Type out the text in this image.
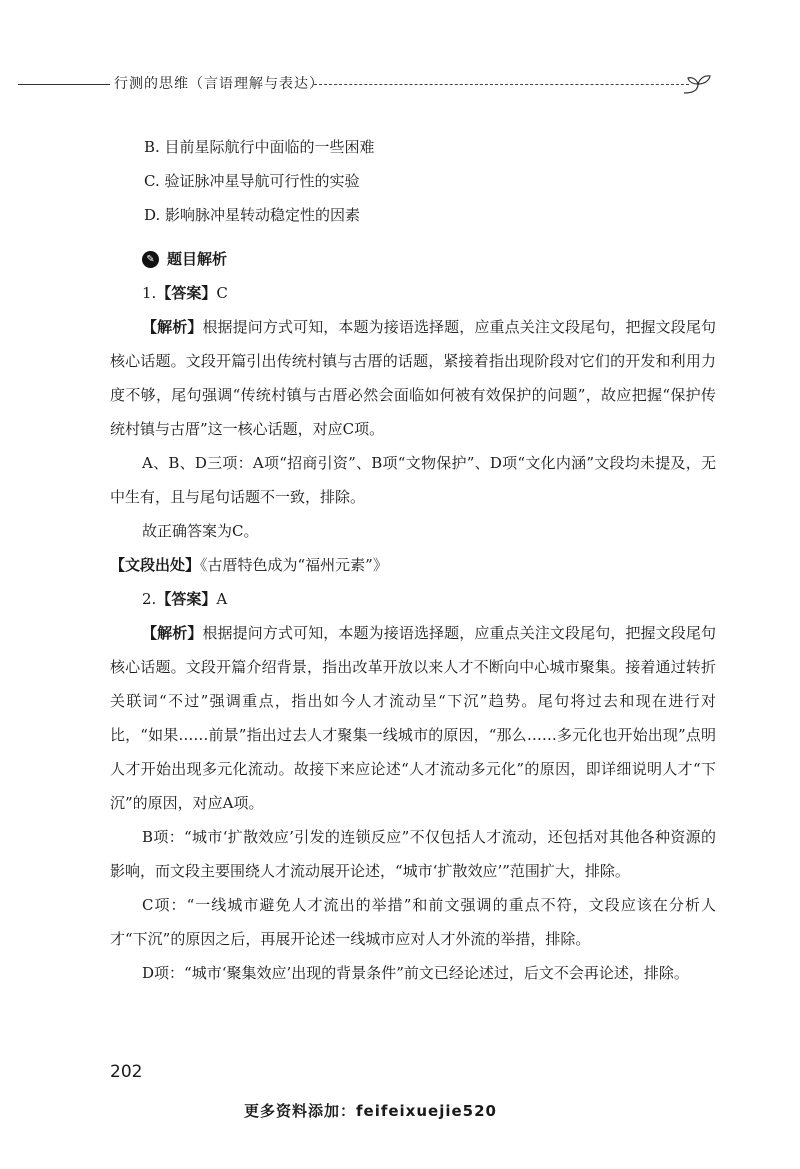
行测的思维（言语理解与表达）
B. 目前星际航行中面临的一些困难
C. 验证脉冲星导航可行性的实验
D. 影响脉冲星转动稳定性的因素
✎ 题目解析
1.【答案】C
【解析】根据提问方式可知，本题为接语选择题，应重点关注文段尾句，把握文段尾句核心话题。文段开篇引出传统村镇与古厝的话题，紧接着指出现阶段对它们的开发和利用力度不够，尾句强调“传统村镇与古厝必然会面临如何被有效保护的问题”，故应把握“保护传统村镇与古厝”这一核心话题，对应C项。
A、B、D三项：A项“招商引资”、B项“文物保护”、D项“文化内涵”文段均未提及，无中生有，且与尾句话题不一致，排除。
故正确答案为C。
【文段出处】《古厝特色成为“福州元素”》
2.【答案】A
【解析】根据提问方式可知，本题为接语选择题，应重点关注文段尾句，把握文段尾句核心话题。文段开篇介绍背景，指出改革开放以来人才不断向中心城市聚集。接着通过转折关联词“不过”强调重点，指出如今人才流动呈“下沉”趋势。尾句将过去和现在进行对比，“如果……前景”指出过去人才聚集一线城市的原因，“那么……多元化也开始出现”点明人才开始出现多元化流动。故接下来应论述“人才流动多元化”的原因，即详细说明人才“下沉”的原因，对应A项。
B项：“城市‘扩散效应’引发的连锁反应”不仅包括人才流动，还包括对其他各种资源的影响，而文段主要围绕人才流动展开论述，“城市‘扩散效应’”范围扩大，排除。
C项：“一线城市避免人才流出的举措”和前文强调的重点不符，文段应该在分析人才“下沉”的原因之后，再展开论述一线城市应对人才外流的举措，排除。
D项：“城市‘聚集效应’出现的背景条件”前文已经论述过，后文不会再论述，排除。
202
更多资料添加：feifeixuejie520
